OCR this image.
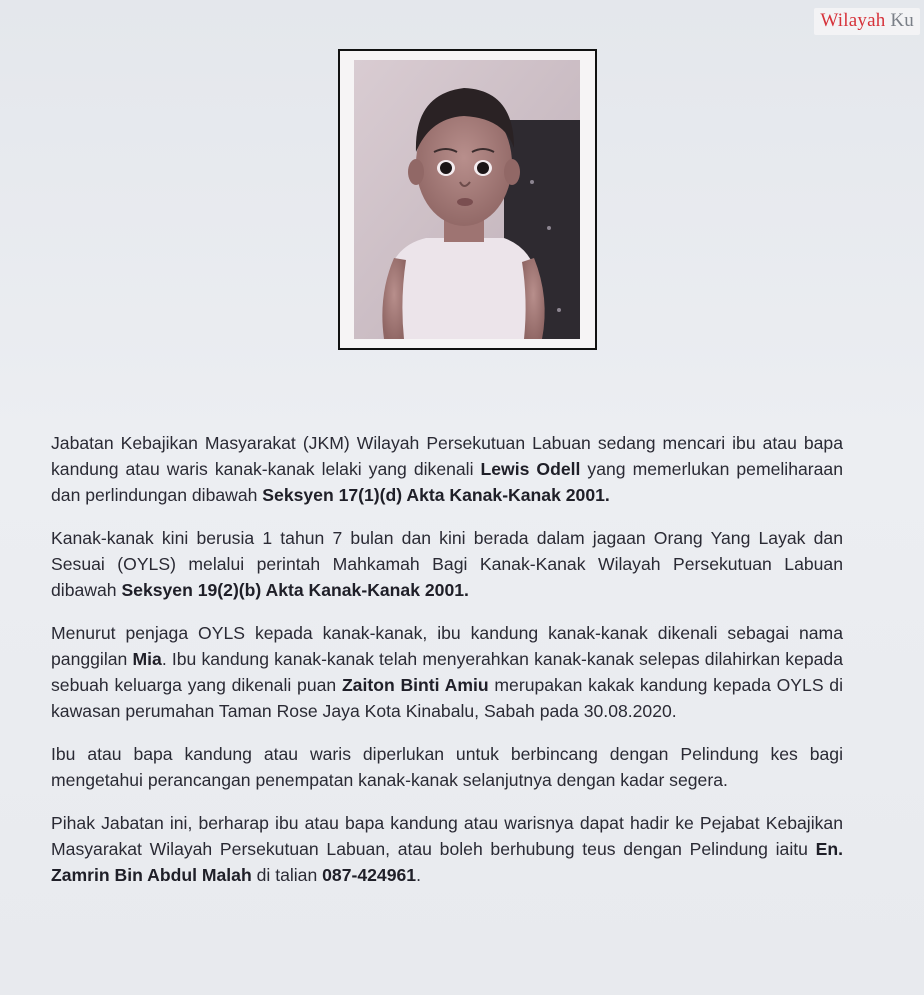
Wilayah Ku

Jabatan Kebajikan Masyarakat (JKM) Wilayah Persekutuan Labuan sedang mencari ibu atau bapa kandung atau waris kanak-kanak lelaki yang dikenali Lewis Odell yang memerlukan pemeliharaan dan perlindungan dibawah Seksyen 17(1)(d) Akta Kanak-Kanak 2001.

Kanak-kanak kini berusia 1 tahun 7 bulan dan kini berada dalam jagaan Orang Yang Layak dan Sesuai (OYLS) melalui perintah Mahkamah Bagi Kanak-Kanak Wilayah Persekutuan Labuan dibawah Seksyen 19(2)(b) Akta Kanak-Kanak 2001.

Menurut penjaga OYLS kepada kanak-kanak, ibu kandung kanak-kanak dikenali sebagai nama panggilan Mia. Ibu kandung kanak-kanak telah menyerahkan kanak-kanak selepas dilahirkan kepada sebuah keluarga yang dikenali puan Zaiton Binti Amiu merupakan kakak kandung kepada OYLS di kawasan perumahan Taman Rose Jaya Kota Kinabalu, Sabah pada 30.08.2020.

Ibu atau bapa kandung atau waris diperlukan untuk berbincang dengan Pelindung kes bagi mengetahui perancangan penempatan kanak-kanak selanjutnya dengan kadar segera.

Pihak Jabatan ini, berharap ibu atau bapa kandung atau warisnya dapat hadir ke Pejabat Kebajikan Masyarakat Wilayah Persekutuan Labuan, atau boleh berhubung teus dengan Pelindung iaitu En. Zamrin Bin Abdul Malah di talian 087-424961.
